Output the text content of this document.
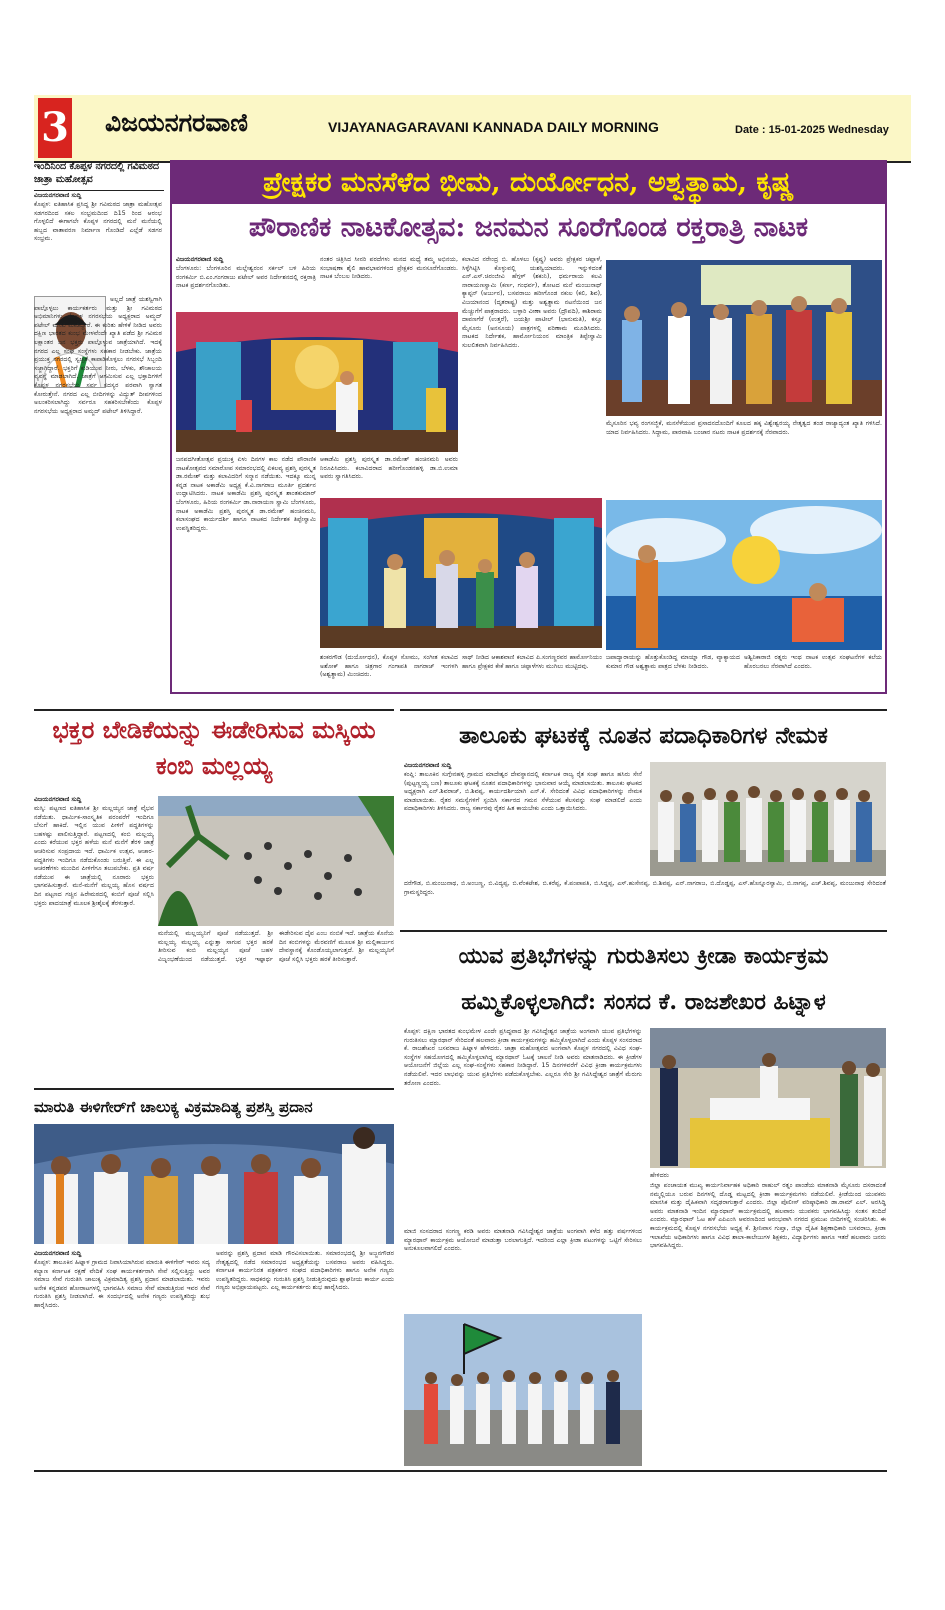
3 ವಿಜಯನಗರವಾಣಿ	VIJAYANAGARAVANI KANNADA DAILY MORNING	Date : 15-01-2025 Wednesday
ಇಂದಿನಿಂದ ಕೊಪ್ಪಳ ನಗರದಲ್ಲಿ ಗವಿಮಠದ ಜಾತ್ರಾ ಮಹೋತ್ಸವ
ವಿಜಯನಗರವಾಣಿ ಸುದ್ದಿ
ಕೊಪ್ಪಳ: ಐತಿಹಾಸಿಕ ಪ್ರಸಿದ್ಧ ಶ್ರೀ ಗವಿಮಠದ ಜಾತ್ರಾ ಮಹೋತ್ಸವ ಸಡಗರದಿಂದ ಸಕಲ ಸಂಭ್ರಮದಿಂದ ದಿ15 ರಿಂದ ಆರಂಭ ಗೊಳ್ಳಲಿದೆ ಈಗಾಗಲೇ ಕೊಪ್ಪಳ ನಗರದಲ್ಲಿ ಮನೆ ಮನೆಯಲ್ಲಿ ಹಬ್ಬದ ವಾತಾವರಣ ನಿರ್ಮಾಣ ಗೊಂಡಿದೆ ಎಲ್ಲೆಡೆ ಸಡಗರ ಸಂಭ್ರಮ.
ಅಲ್ಲದೆ ಜಾತ್ರೆ ಯಶಸ್ವಿಗಾಗಿ ಪಾಲ್ಗೊಳ್ಳಲು ಕಾರ್ಯಕರ್ತರು ಮತ್ತು ಶ್ರೀ ಗವಿಮಠದ ಅಭಿಮಾನಿಗಳು ಕೊಪ್ಪಳ ನಗರಸಭೆಯ ಅಧ್ಯಕ್ಷರಾದ ಅಮ್ಜದ್ ಪಟೇಲ್ ಮನವಿ ಮಾಡಿದ್ದಾರೆ. ಈ ಕುರಿತು ಹೇಳಿಕೆ ನೀಡಿದ ಅವರು ದಕ್ಷಿಣ ಭಾರತದ ಕುಂಭ ಮೇಳವೆಂದೇ ಖ್ಯಾತಿ ಪಡೆದ ಶ್ರೀ ಗವಿಮಠ ಲಕ್ಷಾಂತರ ಜನ ಭಕ್ತರು ಪಾಲ್ಗೊಳ್ಳುವ ಜಾತ್ರೆಯಾಗಿದೆ. ಇದಕ್ಕೆ ನಗರದ ಎಲ್ಲ ಸಂಘ ಸಂಸ್ಥೆಗಳು ಸಹಕಾರ ನೀಡಬೇಕು. ಜಾತ್ರೆಯ ಪ್ರಯುಕ್ತ ನಗರದಲ್ಲಿ ಸ್ವಚ್ಛತೆ ಕಾಪಾಡಿಕೊಳ್ಳಲು ನಗರಸಭೆ ಸಿಬ್ಬಂದಿ ಸಜ್ಜಾಗಿದ್ದಾರೆ. ಭಕ್ತರಿಗೆ ಕುಡಿಯುವ ನೀರು, ಬೆಳಕು, ಶೌಚಾಲಯ ವ್ಯವಸ್ಥೆ ಮಾಡಲಾಗಿದೆ. ಜಾತ್ರೆಗೆ ಆಗಮಿಸುವ ಎಲ್ಲ ಭಕ್ತಾದಿಗಳಿಗೆ ಕೊಪ್ಪಳ ನಗರಸಭೆಯ ಸರ್ವ ಸದಸ್ಯರ ಪರವಾಗಿ ಸ್ವಾಗತ ಕೋರುತ್ತೇನೆ. ನಗರದ ಎಲ್ಲ ಬೀದಿಗಳನ್ನು ವಿದ್ಯುತ್ ದೀಪಗಳಿಂದ ಅಲಂಕರಿಸಲಾಗಿದ್ದು ಸರ್ವರೂ ಸಹಕರಿಸಬೇಕೆಂದು ಕೊಪ್ಪಳ ನಗರಸಭೆಯ ಅಧ್ಯಕ್ಷರಾದ ಅಮ್ಜದ್ ಪಟೇಲ್ ತಿಳಿಸಿದ್ದಾರೆ.
ಪ್ರೇಕ್ಷಕರ ಮನಸೆಳೆದ ಭೀಮ, ದುರ್ಯೋಧನ, ಅಶ್ವತ್ಥಾಮ, ಕೃಷ್ಣ
ಪೌರಾಣಿಕ ನಾಟಕೋತ್ಸವ: ಜನಮನ ಸೂರೆಗೊಂಡ ರಕ್ತರಾತ್ರಿ ನಾಟಕ
ವಿಜಯನಗರವಾಣಿ ಸುದ್ದಿ
ಬೆಂಗಳೂರು: ಬೆಂಗಳೂರಿನ ಮಲ್ಲೇಶ್ವರಂನ ಸರ್ಕಲ್ ಬಳಿ ಹಿರಿಯ ರಂಗಕರ್ಮಿ ಬಿ.ಎಂ.ಗಂಗರಾಜು ಪಟೇಲ್ ಅವರ ನಿರ್ದೇಶನದಲ್ಲಿ ರಕ್ತರಾತ್ರಿ ನಾಟಕ ಪ್ರದರ್ಶನಗೊಂಡಿತು.
ನಂತರ ಚಿತ್ರಿಸಿದ ಸೀನರಿ ಪರದೆಗಳು ಮನದ ಮಧ್ಯೆ ತಮ್ಮ ಅಭಿನಯ, ಸಂಭಾಷಣಾ ಶೈಲಿ ಹಾವಭಾವಗಳಿಂದ ಪ್ರೇಕ್ಷಕರ ಮನಸೂರೆಗೊಂಡರು. ನಾಟಕ ಬೆಂಬಲ ನೀಡಿದರು.
ಕಲಾವಿದ ನರೇಂದ್ರ ಬಿ. ಹೊಳಲು (ಕೃಷ್ಣ) ಅವರು ಪ್ರೇಕ್ಷಕರ ಚಪ್ಪಾಳೆ, ಸಿಳ್ಳೆಗಿಟ್ಟಿಸಿ ಕೊಳ್ಳುವಲ್ಲಿ ಯಶಸ್ವಿಯಾದರು. ಇನ್ನುಳಿದಂತೆ ಎನ್.ಎಸ್.ಚಿರಂಜೀವಿ ಹೆಗ್ಗಳ್ (ಶಕುನಿ), ಧರ್ಮರಾಯ ಕಲವಿ ನಾರಾಯಣಸ್ವಾಮಿ (ಕರ್ಣ, ಗಂಧರ್ವ), ತೋಟದ ಮನೆ ಮಂಜುನಾಥ್ ಕ್ಯಾಪ್ಟನ್ (ಅರ್ಜುನ), ಬಸವರಾಜು ಹರೀಗೊಂಡ ನಕುಲ (ಕಲಿ, ಶಿವ), ವಿಜಯಾನಂದ (ದೃತರಾಷ್ಟ್ರ) ಮತ್ತು ಅಶ್ವತ್ಥಾಮ ನಟನೆಯಿಂದ ಜನ ಮೆಚ್ಚುಗೆಗೆ ಪಾತ್ರರಾದರು. ಬಳ್ಳಾರಿ ವೀಣಾ ಅವರು (ದ್ರೌಪದಿ), ಕಾಶಿರಾಮ ದಾವಣಗೆರೆ (ಉತ್ತರೆ), ಜಯಶ್ರೀ ಪಾಟೀಲ್ (ಭಾನುಮತಿ), ಕಸ್ತೂ ಮೈಸೂರು (ಅನಸೂಯ) ಪಾತ್ರಗಳಲ್ಲಿ ಪರಿಣಾಮ ಮೂಡಿಸಿದರು. ನಾಟಕದ ನಿರ್ದೇಶಕ, ಹಾರ್ಮೋನಿಯಂನ ಮಾಂತ್ರಿಕ ತಿಪ್ಪೇಸ್ವಾಮಿ ಸುಲಲಿತವಾಗಿ ನಿರ್ವಹಿಸಿದರು.
ಮೈಸೂರಿನ ಭವ್ಯ ರಂಗಸಜ್ಜಿಕೆ, ಮನಸೆಳೆಯುವ ಪ್ರಸಾದನದೊಂದಿಗೆ ಕೂಲದ ಹಕ್ಕ ವಿಶ್ವೇಶ್ವರಯ್ಯ ನೇತೃತ್ವದ ತಂಡ ರಾಜ್ಯಾದ್ಯಂತ ಖ್ಯಾತಿ ಗಳಿಸಿದೆ. ಯಾದ ನಿರ್ವಹಿಸಿದರು. ಸಿದ್ದಾಮ, ಪಾರವಾಹಿ ಬಂಜಾರ ನಟರು ನಾಟಕ ಪ್ರದರ್ಶನಕ್ಕೆ ನೆರವಾದರು.
ಜನಪದಗೀತೋತ್ಸವ ಪ್ರಯುಕ್ತ ಏಳು ದಿನಗಳ ಕಾಲ ನಡೆದ ಪೌರಾಣಿಕ ನಾಟಕೋತ್ಸವದ ಸಮಾರೋಪ ಸಮಾರಂಭದಲ್ಲಿ ಏಕಲವ್ಯ ಪ್ರಶಸ್ತಿ ಪುರಸ್ಕೃತ ಡಾ.ರಮೇಶ್ ಮತ್ತು ಕಲಾವಿದರಿಗೆ ಸನ್ಮಾನ ನಡೆಯಿತು. ಇದಕ್ಕೂ ಮುನ್ನ ಕನ್ನಡ ನಾಟಕ ಅಕಾಡೆಮಿ ಅಧ್ಯಕ್ಷ ಕೆ.ವಿ.ನಾಗರಾಜ ಮೂರ್ತಿ ಪ್ರದರ್ಶನ ಉದ್ಘಾಟಿಸಿದರು. ನಾಟಕ ಅಕಾಡೆಮಿ ಪ್ರಶಸ್ತಿ ಪುರಸ್ಕೃತ ಶಾಂತಕುಮಾರ್ ಬೆಂಗಳೂರು, ಹಿರಿಯ ರಂಗಕರ್ಮಿ ಡಾ.ನಾರಾಯಣ ಸ್ವಾಮಿ ಬೆಂಗಳೂರು, ನಾಟಕ ಅಕಾಡೆಮಿ ಪ್ರಶಸ್ತಿ ಪುರಸ್ಕೃತ ಡಾ.ರಮೇಶ್ ಹಂಚಿನಮನಿ, ಕಲಾಸಂಘದ ಕಾರ್ಯದರ್ಶಿ ಹಾಗೂ ನಾಟಕದ ನಿರ್ದೇಶಕ ತಿಪ್ಪೇಸ್ವಾಮಿ ಉಪಸ್ಥಿತರಿದ್ದರು.
ಆಕಾಡೆಮಿ ಪ್ರಶಸ್ತಿ ಪುರಸ್ಕೃತ ಡಾ.ರಮೇಶ್ ಹಂಚಿನಮನಿ ಅವರು ನಿರೂಪಿಸಿದರು. ಕಲಾವಿದರಾದ ಹರೀಗೊಂಡನಹಳ್ಳಿ ಡಾ.ಬಿ.ಉಮಾ ಅವರು ಸ್ವಾಗತಿಸಿದರು.
ಶಂಕರಗೌಡ (ದುರ್ಯೋಧನ), ಕೊಪ್ಪಳ ಸೋಮು, ಸಂಗೀತ ಕಲಾವಿದ ಅಶೋಕ್ ಹಾಗೂ ಚಿತ್ರಗಾರ ಗಂಗಾಪತಿ ನಾಗರಾಜ್ ಇಂಗಳಗಿ (ಅಶ್ವತ್ಥಾಮ) ಮಿಂಚಿದರು.
ಸಾಥ್ ನೀಡಿದ ಆಕಾಶವಾಣಿ ಕಲಾವಿದ ಪಿ.ಸಂಗಣ್ಣರವರ ಹಾರ್ಮೋನಿಯಂ ಹಾಗೂ ಪ್ರೇಕ್ಷಕರ ಕೇಕೆ ಹಾಗೂ ಚಪ್ಪಾಳೆಗಳು ಮುಗಿಲು ಮುಟ್ಟಿದವು.
ಜಪಾದ್ಯಾರಾಯನ್ನು ಹೊತ್ತುಕೊಂಡಿದ್ದ ಮಾಯ್ನಾ ಗೌಡ, ವ್ಯಾಕ್ಯಾಯದ ಕುಮಾರ ಗೌಡ ಅಶ್ವತ್ಥಾಮ ಪಾತ್ರದ ಬೆಳಕು ನೀಡಿದರು.
ಅಶ್ವಿನಿಕಾರಾಜಿ ರತ್ನರು ಇಂಥ ನಾಟಕ ಉತ್ಸವ ಸಂಘಟನೆಗಳ ಕಲೆಯ ಹೊರಬರಲು ನೆರವಾಗಿದೆ ಎಂದರು.
ಭಕ್ತರ ಬೇಡಿಕೆಯನ್ನು ಈಡೇರಿಸುವ ಮಸ್ಕಿಯ ಕಂಬಿ ಮಲ್ಲಯ್ಯ
ವಿಜಯನಗರವಾಣಿ ಸುದ್ದಿ
ಮಸ್ಕಿ: ಪಟ್ಟಣದ ಐತಿಹಾಸಿಕ ಶ್ರೀ ಮಲ್ಲಯ್ಯನ ಜಾತ್ರೆ ವೈಭವ ನಡೆಯಿತು. ಧಾರ್ಮಿಕ-ಸಾಂಸ್ಕೃತಿಕ ಪರಂಪರೆಗೆ ಇಂದಿಗೂ ಬೆಸುಗೆ ಹಾಕಿದೆ. ಇಲ್ಲಿನ ಯುವ ಪೀಳಿಗೆ ಪದ್ಧತಿಗಳನ್ನು ಬಹಳಷ್ಟು ಪಾಲಿಸುತ್ತಿದ್ದಾರೆ. ಪಟ್ಟಣದಲ್ಲಿ ಕಂಬಿ ಮಲ್ಲಯ್ಯ ಎಂದು ಕರೆಯುವ ಭಕ್ತರ ಹಳೆಯ ಮನೆ ಮನೆಗೆ ತೆರಳಿ ಜಾತ್ರೆ ಆಚರಿಸುವ ಸಂಪ್ರದಾಯ ಇದೆ. ಧಾರ್ಮಿಕ ಉತ್ಸವ, ಆಚಾರ-ಪದ್ಧತಿಗಳು ಇಂದಿಗೂ ನಡೆದುಕೊಂಡು ಬರುತ್ತಿವೆ. ಈ ಎಲ್ಲ ಆಚರಣೆಗಳು ಮುಂದಿನ ಪೀಳಿಗೆಗೂ ತಲುಪಬೇಕು. ಪ್ರತಿ ವರ್ಷ ನಡೆಯುವ ಈ ಜಾತ್ರೆಯಲ್ಲಿ ನೂರಾರು ಭಕ್ತರು ಭಾಗವಹಿಸುತ್ತಾರೆ. ಮನೆ-ಮನೆಗೆ ಮಲ್ಲಯ್ಯ ಹೊಸ ವರ್ಷದ ದಿನ ಪಟ್ಟಣದ ಗಚ್ಚಿನ ಹಿರೇಮಠದಲ್ಲಿ ಕಂಬಿಗೆ ಪೂಜೆ ಸಲ್ಲಿಸಿ ಭಕ್ತರು ಪಾದಯಾತ್ರೆ ಮೂಲಕ ಶ್ರೀಶೈಲಕ್ಕೆ ತೆರಳುತ್ತಾರೆ.
ಮನೆಯಲ್ಲಿ ಮಲ್ಲಯ್ಯನಿಗೆ ಪೂಜೆ ನಡೆಯುತ್ತದೆ. ಶ್ರೀ ಮಲ್ಲಯ್ಯ ಮಲ್ಲಯ್ಯ ಎನ್ನುತ್ತಾ ಸಾಗುವ ಭಕ್ತರ ಹರಕೆ ತೀರಿಸುವ ಕಂಬಿ ಮಲ್ಲಯ್ಯನ ಪೂಜೆ ಬಹಳ ವಿಜೃಂಭಣೆಯಿಂದ ನಡೆಯುತ್ತದೆ. ಭಕ್ತರ ಇಷ್ಟಾರ್ಥ ಈಡೇರಿಸುವ ದೈವ ಎಂಬ ನಂಬಿಕೆ ಇದೆ. ಜಾತ್ರೆಯ ಕೊನೆಯ ದಿನ ಕಂಬಿಗಳನ್ನು ಮೆರವಣಿಗೆ ಮೂಲಕ ಶ್ರೀ ಮಲ್ಲಿಕಾರ್ಜುನ ದೇವಸ್ಥಾನಕ್ಕೆ ಕೊಂಡೊಯ್ಯಲಾಗುತ್ತದೆ. ಶ್ರೀ ಮಲ್ಲಯ್ಯನಿಗೆ ಪೂಜೆ ಸಲ್ಲಿಸಿ ಭಕ್ತರು ಹರಕೆ ತೀರಿಸುತ್ತಾರೆ.
ತಾಲೂಕು ಘಟಕಕ್ಕೆ ನೂತನ ಪದಾಧಿಕಾರಿಗಳ ನೇಮಕ
ವಿಜಯನಗರವಾಣಿ ಸುದ್ದಿ
ಕಂಪ್ಲಿ: ತಾಲೂಕಿನ ಸುಗ್ಗೇನಹಳ್ಳಿ ಗ್ರಾಮದ ಮಾದೇಶ್ವರ ದೇವಸ್ಥಾನದಲ್ಲಿ ಕರ್ನಾಟಕ ರಾಜ್ಯ ರೈತ ಸಂಘ ಹಾಗೂ ಹಸಿರು ಸೇನೆ (ಪುಟ್ಟಣ್ಣಯ್ಯ ಬಣ) ತಾಲೂಕು ಘಟಕಕ್ಕೆ ನೂತನ ಪದಾಧಿಕಾರಿಗಳನ್ನು ಭಾನುವಾರ ಆಯ್ಕೆ ಮಾಡಲಾಯಿತು. ತಾಲೂಕು ಘಟಕದ ಅಧ್ಯಕ್ಷರಾಗಿ ಎನ್.ಶಿವರಾಜ್, ಬಿ.ಶಿವಪ್ಪ, ಕಾರ್ಯದರ್ಶಿಯಾಗಿ ಎನ್.ಕೆ. ಸೇರಿದಂತೆ ವಿವಿಧ ಪದಾಧಿಕಾರಿಗಳನ್ನು ನೇಮಕ ಮಾಡಲಾಯಿತು. ರೈತರ ಸಮಸ್ಯೆಗಳಿಗೆ ಸ್ಪಂದಿಸಿ ಸರ್ಕಾರದ ಗಮನ ಸೆಳೆಯುವ ಕೆಲಸವನ್ನು ಸಂಘ ಮಾಡಲಿದೆ ಎಂದು ಪದಾಧಿಕಾರಿಗಳು ತಿಳಿಸಿದರು. ರಾಜ್ಯ ಸರ್ಕಾರವು ರೈತರ ಹಿತ ಕಾಯಬೇಕು ಎಂದು ಒತ್ತಾಯಿಸಿದರು.
ದರೆಗೌಡ, ಬಿ.ಮಂಜುನಾಥ, ಬಿ.ಅಂಬಣ್ಣ, ಬಿ.ವಿದ್ಯಪ್ಪ, ಬಿ.ವೆಂಕಟೇಶ, ಬಿ.ಕರೆಪ್ಪ, ಕೆ.ಪಂಪಾಪತಿ, ಬಿ.ಸಿದ್ದಪ್ಪ, ಎಸ್.ಹುಸೇನಪ್ಪ, ಬಿ.ಶಿವಪ್ಪ, ಎನ್.ನಾಗರಾಜ, ಬಿ.ದೊಡ್ಡಪ್ಪ, ಎಸ್.ಹೊನ್ನೂರಸ್ವಾಮಿ, ಬಿ.ನಾಗಪ್ಪ, ಎಚ್.ಶಿವಪ್ಪ, ಮಂಜುನಾಥ ಸೇರಿದಂತೆ ಗ್ರಾಮಸ್ಥರಿದ್ದರು.
ಯುವ ಪ್ರತಿಭೆಗಳನ್ನು ಗುರುತಿಸಲು ಕ್ರೀಡಾ ಕಾರ್ಯಕ್ರಮ
ಹಮ್ಮಿಕೊಳ್ಳಲಾಗಿದೆ: ಸಂಸದ ಕೆ. ರಾಜಶೇಖರ ಹಿಟ್ನಾಳ
ಕೊಪ್ಪಳ: ದಕ್ಷಿಣ ಭಾರತದ ಕುಂಭಮೇಳ ಎಂದೇ ಪ್ರಸಿದ್ಧವಾದ ಶ್ರೀ ಗವಿಸಿದ್ದೇಶ್ವರ ಜಾತ್ರೆಯ ಅಂಗವಾಗಿ ಯುವ ಪ್ರತಿಭೆಗಳನ್ನು ಗುರುತಿಸಲು ಮ್ಯಾರಥಾನ್ ಸೇರಿದಂತೆ ಹಲವಾರು ಕ್ರೀಡಾ ಕಾರ್ಯಕ್ರಮಗಳನ್ನು ಹಮ್ಮಿಕೊಳ್ಳಲಾಗಿದೆ ಎಂದು ಕೊಪ್ಪಳ ಸಂಸದರಾದ ಕೆ. ರಾಜಶೇಖರ ಬಸವರಾಜ ಹಿಟ್ನಾಳ ಹೇಳಿದರು. ಜಾತ್ರಾ ಮಹೋತ್ಸವದ ಅಂಗವಾಗಿ ಕೊಪ್ಪಳ ನಗರದಲ್ಲಿ ವಿವಿಧ ಸಂಘ-ಸಂಸ್ಥೆಗಳ ಸಹಯೋಗದಲ್ಲಿ ಹಮ್ಮಿಕೊಳ್ಳಲಾಗಿದ್ದ ಮ್ಯಾರಥಾನ್ ಓಟಕ್ಕೆ ಚಾಲನೆ ನೀಡಿ ಅವರು ಮಾತನಾಡಿದರು. ಈ ಕ್ರೀಡೆಗಳ ಆಯೋಜನೆಗೆ ಜಿಲ್ಲೆಯ ಎಲ್ಲ ಸಂಘ-ಸಂಸ್ಥೆಗಳು ಸಹಕಾರ ನೀಡಿದ್ದಾರೆ. 15 ದಿನಗಳವರೆಗೆ ವಿವಿಧ ಕ್ರೀಡಾ ಕಾರ್ಯಕ್ರಮಗಳು ನಡೆಯಲಿವೆ. ಇದರ ಲಾಭವನ್ನು ಯುವ ಪ್ರತಿಭೆಗಳು ಪಡೆದುಕೊಳ್ಳಬೇಕು. ಎಲ್ಲರೂ ಸೇರಿ ಶ್ರೀ ಗವಿಸಿದ್ದೇಶ್ವರ ಜಾತ್ರೆಗೆ ಮೆರುಗು ತರೋಣ ಎಂದರು.
ಹೇಳಿದರು
ಜಿಲ್ಲಾ ಪಂಚಾಯತ ಮುಖ್ಯ ಕಾರ್ಯನಿರ್ವಾಹಕ ಅಧಿಕಾರಿ ರಾಹುಲ್ ರತ್ನಂ ಪಾಂಡೆಯ ಮಾತನಾಡಿ ಮೈಸೂರು ದಸರಾದಂತೆ ನಮ್ಮಲ್ಲಿಯೂ ಬರುವ ದಿನಗಳಲ್ಲಿ ದೊಡ್ಡ ಮಟ್ಟದಲ್ಲಿ ಕ್ರೀಡಾ ಕಾರ್ಯಕ್ರಮಗಳು ನಡೆಯಲಿವೆ. ಕ್ರೀಡೆಯಿಂದ ಯುವಕರು ಮಾನಸಿಕ ಮತ್ತು ದೈಹಿಕವಾಗಿ ಸದೃಢರಾಗುತ್ತಾರೆ ಎಂದರು. ಜಿಲ್ಲಾ ಪೊಲೀಸ್ ವರಿಷ್ಠಾಧಿಕಾರಿ ಡಾ.ರಾಮ್ ಎಲ್. ಅರಸಿದ್ಧಿ ಅವರು ಮಾತನಾಡಿ ಇಂದಿನ ಮ್ಯಾರಥಾನ್ ಕಾರ್ಯಕ್ರಮದಲ್ಲಿ ಹಲವಾರು ಯುವಕರು ಭಾಗವಹಿಸಿದ್ದು ಸಂತಸ ತಂದಿದೆ ಎಂದರು. ಮ್ಯಾರಥಾನ್ ಓಟ ಹಳೆ ಎಪಿಎಂಸಿ ಆವರಣದಿಂದ ಆರಂಭವಾಗಿ ನಗರದ ಪ್ರಮುಖ ಬೀದಿಗಳಲ್ಲಿ ಸಂಚರಿಸಿತು. ಈ ಕಾರ್ಯಕ್ರಮದಲ್ಲಿ ಕೊಪ್ಪಳ ನಗರಸಭೆಯ ಅಧ್ಯಕ್ಷ ಕೆ. ಶ್ರೀನಿವಾಸ ಗುಪ್ತಾ, ಜಿಲ್ಲಾ ದೈಹಿಕ ಶಿಕ್ಷಣಾಧಿಕಾರಿ ಬಸವರಾಜ, ಕ್ರೀಡಾ ಇಲಾಖೆಯ ಅಧಿಕಾರಿಗಳು ಹಾಗೂ ವಿವಿಧ ಶಾಲಾ-ಕಾಲೇಜುಗಳ ಶಿಕ್ಷಕರು, ವಿದ್ಯಾರ್ಥಿಗಳು ಹಾಗೂ ಇತರೆ ಹಲವಾರು ಜನರು ಭಾಗವಹಿಸಿದ್ದರು.
ಮಾಜಿ ಸಂಸದರಾದ ಸಂಗಣ್ಣ ಕರಡಿ ಅವರು ಮಾತನಾಡಿ ಗವಿಸಿದ್ದೇಶ್ವರ ಜಾತ್ರೆಯ ಅಂಗವಾಗಿ ಕಳೆದ ಹತ್ತು ವರ್ಷಗಳಿಂದ ಮ್ಯಾರಥಾನ್ ಕಾರ್ಯಕ್ರಮ ಆಯೋಜನೆ ಮಾಡುತ್ತಾ ಬರಲಾಗುತ್ತಿದೆ. ಇದರಿಂದ ಎಲ್ಲಾ ಕ್ರೀಡಾ ಪಟುಗಳನ್ನು ಒಟ್ಟಿಗೆ ಸೇರಿಸಲು ಅನುಕೂಲವಾಗಲಿದೆ ಎಂದರು.
ಮಾರುತಿ ಈಳಿಗೇರ್‌ಗೆ ಚಾಲುಕ್ಯ ವಿಕ್ರಮಾದಿತ್ಯ ಪ್ರಶಸ್ತಿ ಪ್ರದಾನ
ವಿಜಯನಗರವಾಣಿ ಸುದ್ದಿ
ಕೊಪ್ಪಳ: ತಾಲೂಕಿನ ಹಿಟ್ನಾಳ ಗ್ರಾಮದ ನಿವಾಸಿಯಾಗಿರುವ ಮಾರುತಿ ಈಳಿಗೇರ್ ಇವರು ಸದ್ಯ ಕಲ್ಯಾಣ ಕರ್ನಾಟಕ ರಕ್ಷಣೆ ವೇದಿಕೆ ಸಂಘ ಕಾರ್ಯಕರ್ತರಾಗಿ ಸೇವೆ ಸಲ್ಲಿಸುತ್ತಿದ್ದು ಅವರ ಸಮಾಜ ಸೇವೆ ಗುರುತಿಸಿ ಚಾಲುಕ್ಯ ವಿಕ್ರಮಾದಿತ್ಯ ಪ್ರಶಸ್ತಿ ಪ್ರದಾನ ಮಾಡಲಾಯಿತು. ಇವರು ಅನೇಕ ಕನ್ನಡಪರ ಹೋರಾಟಗಳಲ್ಲಿ ಭಾಗವಹಿಸಿ ಸಮಾಜ ಸೇವೆ ಮಾಡುತ್ತಿರುವ ಇವರ ಸೇವೆ ಗುರುತಿಸಿ ಪ್ರಶಸ್ತಿ ನೀಡಲಾಗಿದೆ. ಈ ಸಂದರ್ಭದಲ್ಲಿ ಅನೇಕ ಗಣ್ಯರು ಉಪಸ್ಥಿತರಿದ್ದು ಶುಭ ಹಾರೈಸಿದರು.
ಅವರನ್ನು ಪ್ರಶಸ್ತಿ ಪ್ರದಾನ ಮಾಡಿ ಗೌರವಿಸಲಾಯಿತು. ಸಮಾರಂಭದಲ್ಲಿ ಶ್ರೀ ಅಜ್ಜನಗೌಡರ ನೇತೃತ್ವದಲ್ಲಿ ನಡೆದ ಸಮಾರಂಭದ ಅಧ್ಯಕ್ಷತೆಯನ್ನು ಬಸವರಾಜ ಅವರು ವಹಿಸಿದ್ದರು. ಕರ್ನಾಟಕ ಕಾರ್ಯನಿರತ ಪತ್ರಕರ್ತರ ಸಂಘದ ಪದಾಧಿಕಾರಿಗಳು ಹಾಗೂ ಅನೇಕ ಗಣ್ಯರು ಉಪಸ್ಥಿತರಿದ್ದರು. ಸಾಧಕರನ್ನು ಗುರುತಿಸಿ ಪ್ರಶಸ್ತಿ ನೀಡುತ್ತಿರುವುದು ಶ್ಲಾಘನೀಯ ಕಾರ್ಯ ಎಂದು ಗಣ್ಯರು ಅಭಿಪ್ರಾಯಪಟ್ಟರು. ಎಲ್ಲ ಕಾರ್ಯಕರ್ತರು ಶುಭ ಹಾರೈಸಿದರು.
